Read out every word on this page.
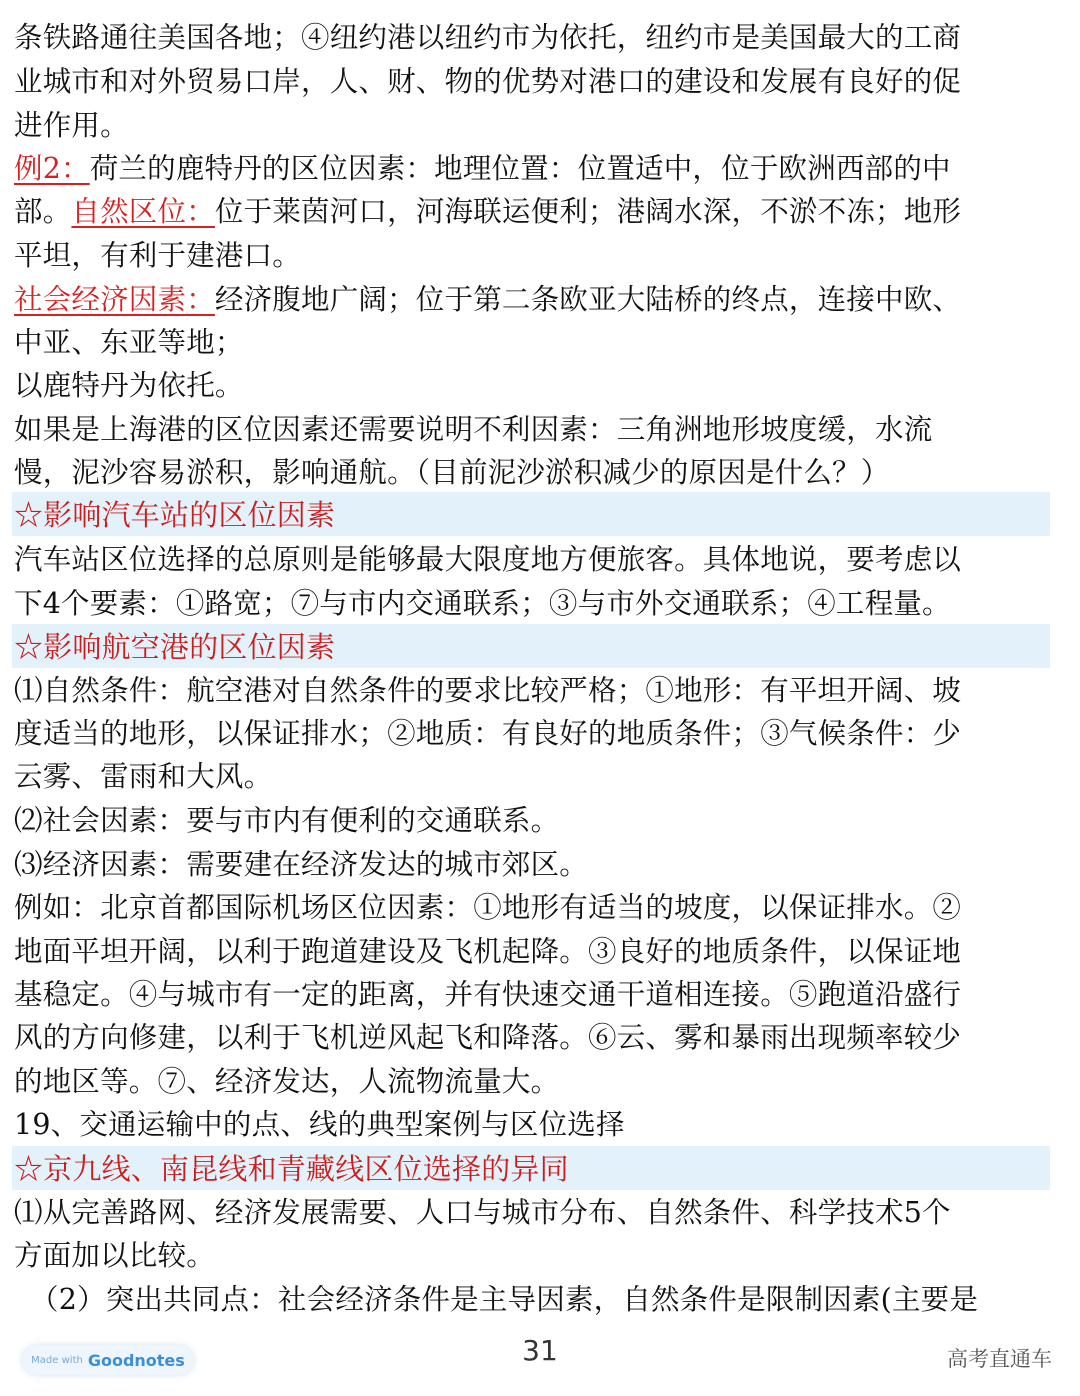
条铁路通往美国各地；④纽约港以纽约市为依托，纽约市是美国最大的工商
业城市和对外贸易口岸，人、财、物的优势对港口的建设和发展有良好的促
进作用。
例2：荷兰的鹿特丹的区位因素：地理位置：位置适中，位于欧洲西部的中
部。自然区位：位于莱茵河口，河海联运便利；港阔水深，不淤不冻；地形
平坦，有利于建港口。
社会经济因素：经济腹地广阔；位于第二条欧亚大陆桥的终点，连接中欧、
中亚、东亚等地；
以鹿特丹为依托。
如果是上海港的区位因素还需要说明不利因素：三角洲地形坡度缓，水流
慢，泥沙容易淤积，影响通航。（目前泥沙淤积减少的原因是什么？）
☆影响汽车站的区位因素
汽车站区位选择的总原则是能够最大限度地方便旅客。具体地说，要考虑以
下4个要素：①路宽；⑦与市内交通联系；③与市外交通联系；④工程量。
☆影响航空港的区位因素
⑴自然条件：航空港对自然条件的要求比较严格；①地形：有平坦开阔、坡
度适当的地形，以保证排水；②地质：有良好的地质条件；③气候条件：少
云雾、雷雨和大风。
⑵社会因素：要与市内有便利的交通联系。
⑶经济因素：需要建在经济发达的城市郊区。
例如：北京首都国际机场区位因素：①地形有适当的坡度，以保证排水。②
地面平坦开阔，以利于跑道建设及飞机起降。③良好的地质条件，以保证地
基稳定。④与城市有一定的距离，并有快速交通干道相连接。⑤跑道沿盛行
风的方向修建，以利于飞机逆风起飞和降落。⑥云、雾和暴雨出现频率较少
的地区等。⑦、经济发达，人流物流量大。
19、交通运输中的点、线的典型案例与区位选择
☆京九线、南昆线和青藏线区位选择的异同
⑴从完善路网、经济发展需要、人口与城市分布、自然条件、科学技术5个
方面加以比较。
（2）突出共同点：社会经济条件是主导因素，自然条件是限制因素(主要是
Made with Goodnotes	31	高考直通车
